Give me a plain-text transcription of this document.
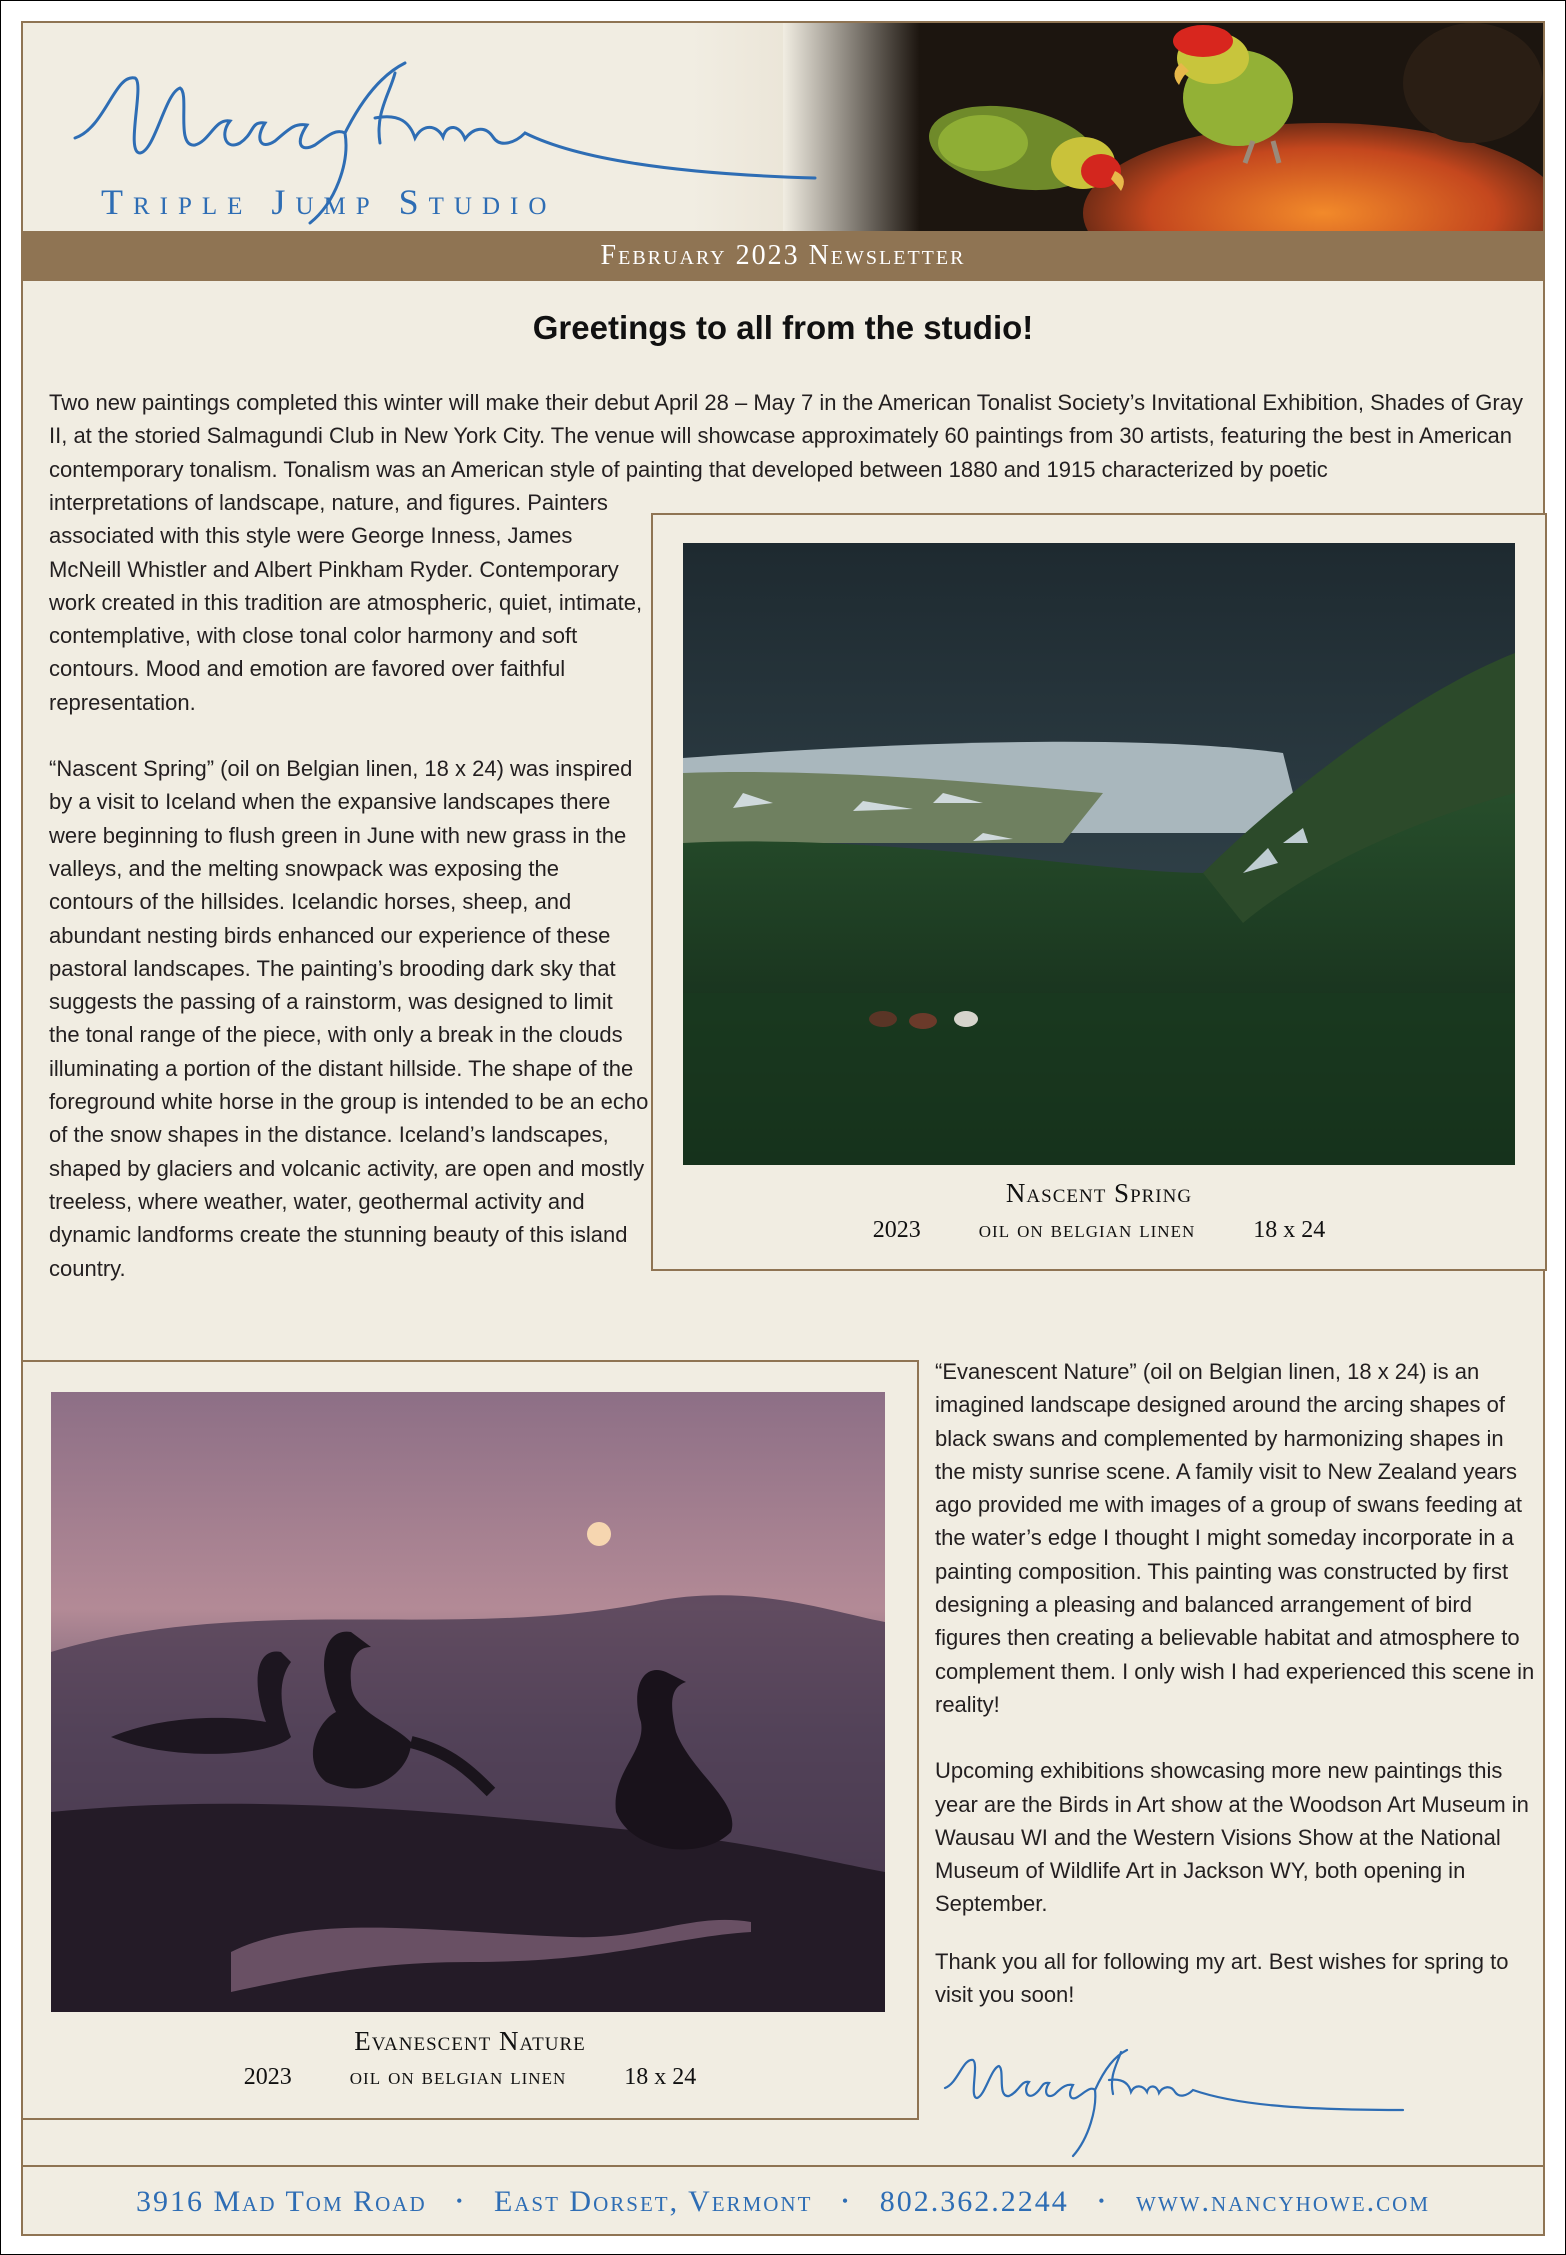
Triple Jump Studio
February 2023 Newsletter
Greetings to all from the studio!
Two new paintings completed this winter will make their debut April 28 – May 7 in the American Tonalist Society’s Invitational Exhibition, Shades of Gray II, at the storied Salmagundi Club in New York City. The venue will showcase approximately 60 paintings from 30 artists, featuring the best in American contemporary tonalism. Tonalism was an American style of painting that developed between 1880 and 1915 characterized by poetic
interpretations of landscape, nature, and figures. Painters associated with this style were George Inness, James McNeill Whistler and Albert Pinkham Ryder. Contemporary work created in this tradition are atmospheric, quiet, intimate, contemplative, with close tonal color harmony and soft contours. Mood and emotion are favored over faithful representation.
“Nascent Spring” (oil on Belgian linen, 18 x 24) was inspired by a visit to Iceland when the expansive landscapes there were beginning to flush green in June with new grass in the valleys, and the melting snowpack was exposing the contours of the hillsides. Icelandic horses, sheep, and abundant nesting birds enhanced our experience of these pastoral landscapes. The painting’s brooding dark sky that suggests the passing of a rainstorm, was designed to limit the tonal range of the piece, with only a break in the clouds illuminating a portion of the distant hillside. The shape of the foreground white horse in the group is intended to be an echo of the snow shapes in the distance. Iceland’s landscapes, shaped by glaciers and volcanic activity, are open and mostly treeless, where weather, water, geothermal activity and dynamic landforms create the stunning beauty of this island country.
Nascent Spring
2023 oil on belgian linen 18 x 24
Evanescent Nature
2023 oil on belgian linen 18 x 24
“Evanescent Nature” (oil on Belgian linen, 18 x 24) is an imagined landscape designed around the arcing shapes of black swans and complemented by harmonizing shapes in the misty sunrise scene. A family visit to New Zealand years ago provided me with images of a group of swans feeding at the water’s edge I thought I might someday incorporate in a painting composition. This painting was constructed by first designing a pleasing and balanced arrangement of bird figures then creating a believable habitat and atmosphere to complement them. I only wish I had experienced this scene in reality!
Upcoming exhibitions showcasing more new paintings this year are the Birds in Art show at the Woodson Art Museum in Wausau WI and the Western Visions Show at the National Museum of Wildlife Art in Jackson WY, both opening in September.
Thank you all for following my art. Best wishes for spring to visit you soon!
3916 Mad Tom Road • East Dorset, Vermont • 802.362.2244 • www.nancyhowe.com
